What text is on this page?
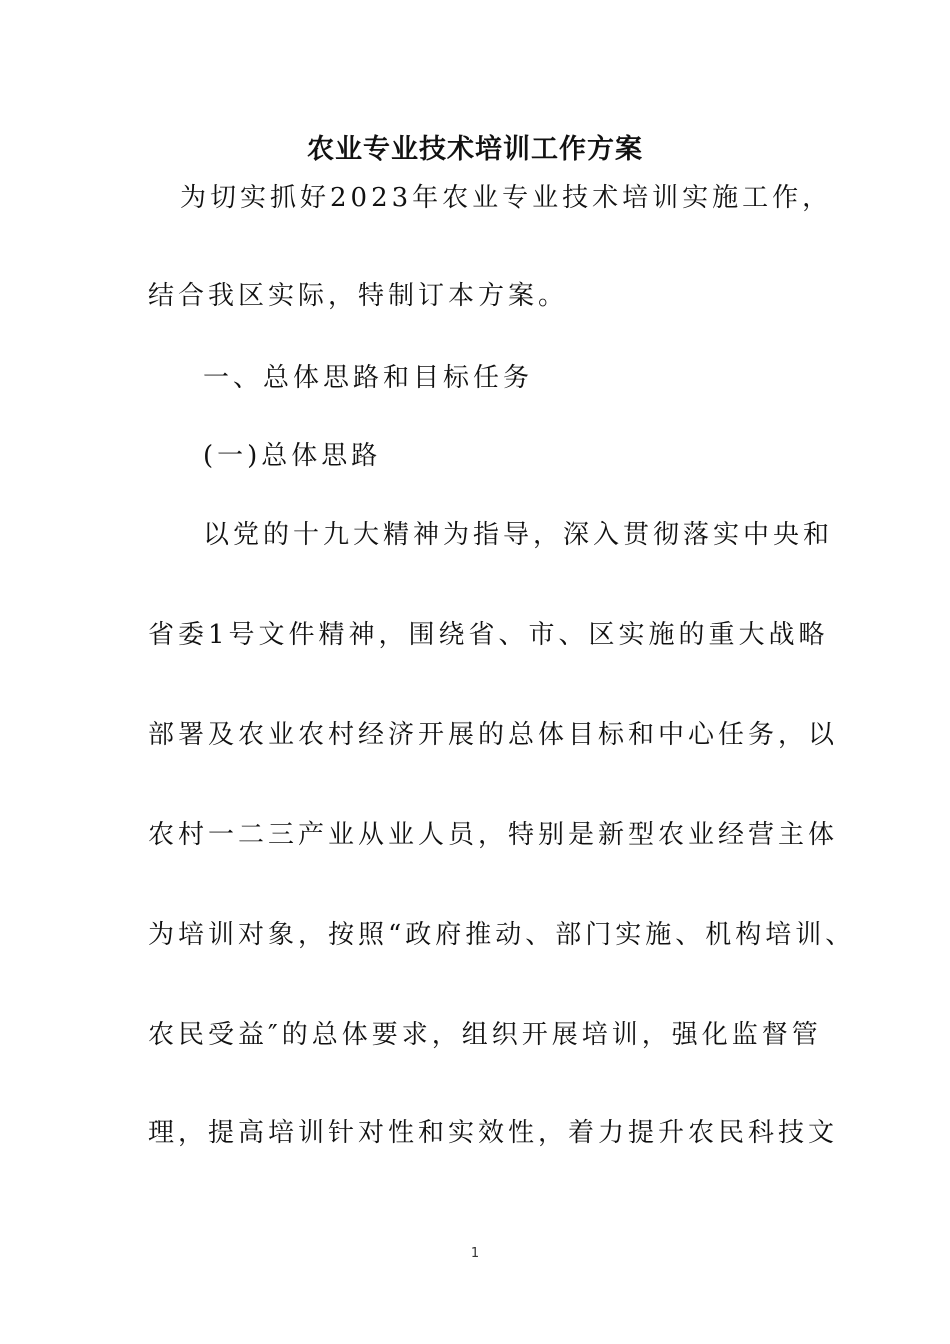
农业专业技术培训工作方案
为切实抓好2023年农业专业技术培训实施工作，
结合我区实际，特制订本方案。
一、总体思路和目标任务
(一)总体思路
以党的十九大精神为指导，深入贯彻落实中央和
省委1号文件精神，围绕省、市、区实施的重大战略
部署及农业农村经济开展的总体目标和中心任务，以
农村一二三产业从业人员，特别是新型农业经营主体
为培训对象，按照“政府推动、部门实施、机构培训、
农民受益″的总体要求，组织开展培训，强化监督管
理，提高培训针对性和实效性，着力提升农民科技文
1
